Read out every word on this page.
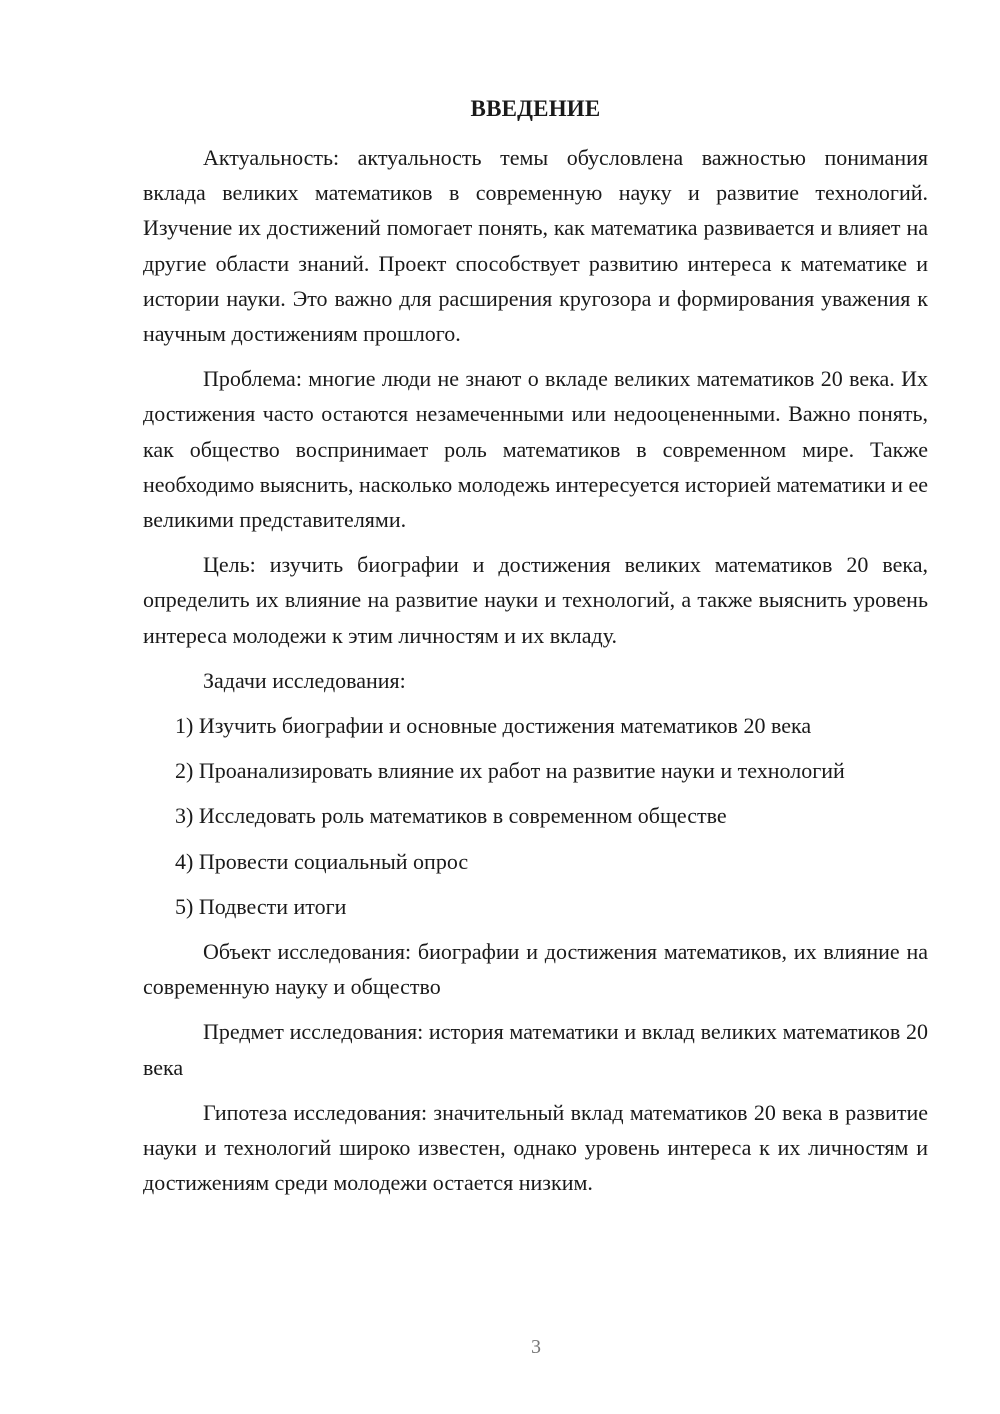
ВВЕДЕНИЕ

Актуальность: актуальность темы обусловлена важностью понимания вклада великих математиков в современную науку и развитие технологий. Изучение их достижений помогает понять, как математика развивается и влияет на другие области знаний. Проект способствует развитию интереса к математике и истории науки. Это важно для расширения кругозора и формирования уважения к научным достижениям прошлого.

Проблема: многие люди не знают о вкладе великих математиков 20 века. Их достижения часто остаются незамеченными или недооцененными. Важно понять, как общество воспринимает роль математиков в современном мире. Также необходимо выяснить, насколько молодежь интересуется историей математики и ее великими представителями.

Цель: изучить биографии и достижения великих математиков 20 века, определить их влияние на развитие науки и технологий, а также выяснить уровень интереса молодежи к этим личностям и их вкладу.

Задачи исследования:

1) Изучить биографии и основные достижения математиков 20 века

2) Проанализировать влияние их работ на развитие науки и технологий

3) Исследовать роль математиков в современном обществе

4) Провести социальный опрос

5) Подвести итоги

Объект исследования: биографии и достижения математиков, их влияние на современную науку и общество

Предмет исследования: история математики и вклад великих математиков 20 века

Гипотеза исследования: значительный вклад математиков 20 века в развитие науки и технологий широко известен, однако уровень интереса к их личностям и достижениям среди молодежи остается низким.

3
